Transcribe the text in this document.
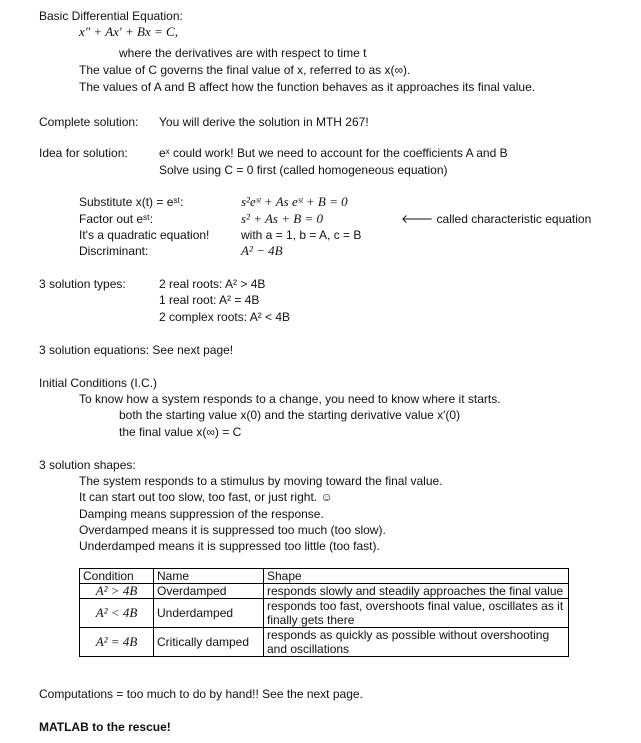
Basic Differential Equation:
x″ + Ax′ + Bx = C,
where the derivatives are with respect to time t
The value of C governs the final value of x, referred to as x(∞).
The values of A and B affect how the function behaves as it approaches its final value.
Complete solution: You will derive the solution in MTH 267!
Idea for solution:	eˣ could work! But we need to account for the coefficients A and B
Solve using C = 0 first (called homogeneous equation)
Substitute x(t) = eˢᵗ:	s²eˢᵗ + As eˢᵗ + B = 0
Factor out eˢᵗ:	s² + As + B = 0	🡐 called characteristic equation
It's a quadratic equation!	with a = 1, b = A, c = B
Discriminant:	A² − 4B
3 solution types:	2 real roots: A² > 4B
1 real root: A² = 4B
2 complex roots: A² < 4B
3 solution equations: See next page!
Initial Conditions (I.C.)
To know how a system responds to a change, you need to know where it starts.
both the starting value x(0) and the starting derivative value x′(0)
the final value x(∞) = C
3 solution shapes:
The system responds to a stimulus by moving toward the final value.
It can start out too slow, too fast, or just right. ☺
Damping means suppression of the response.
Overdamped means it is suppressed too much (too slow).
Underdamped means it is suppressed too little (too fast).
Condition	Name	Shape
A² > 4B	Overdamped	responds slowly and steadily approaches the final value
A² < 4B	Underdamped	responds too fast, overshoots final value, oscillates as it finally gets there
A² = 4B	Critically damped	responds as quickly as possible without overshooting and oscillations
Computations = too much to do by hand!! See the next page.
MATLAB to the rescue!
